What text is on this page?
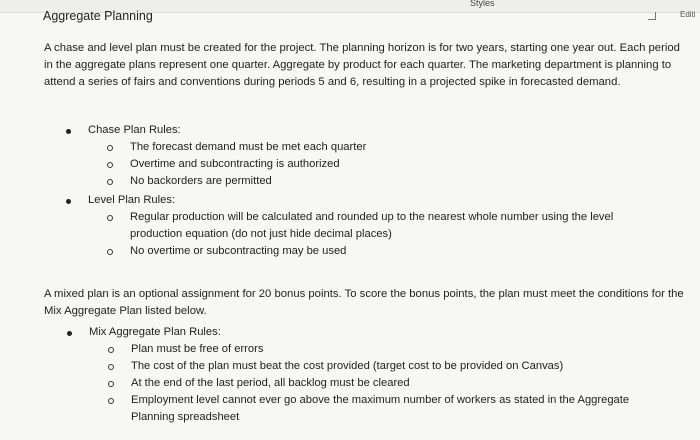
Styles
Editi
Aggregate Planning

A chase and level plan must be created for the project. The planning horizon is for two years, starting one year out. Each period in the aggregate plans represent one quarter. Aggregate by product for each quarter. The marketing department is planning to attend a series of fairs and conventions during periods 5 and 6, resulting in a projected spike in forecasted demand.

Chase Plan Rules:
The forecast demand must be met each quarter
Overtime and subcontracting is authorized
No backorders are permitted
Level Plan Rules:
Regular production will be calculated and rounded up to the nearest whole number using the level production equation (do not just hide decimal places)
No overtime or subcontracting may be used

A mixed plan is an optional assignment for 20 bonus points. To score the bonus points, the plan must meet the conditions for the Mix Aggregate Plan listed below.

Mix Aggregate Plan Rules:
Plan must be free of errors
The cost of the plan must beat the cost provided (target cost to be provided on Canvas)
At the end of the last period, all backlog must be cleared
Employment level cannot ever go above the maximum number of workers as stated in the Aggregate Planning spreadsheet
